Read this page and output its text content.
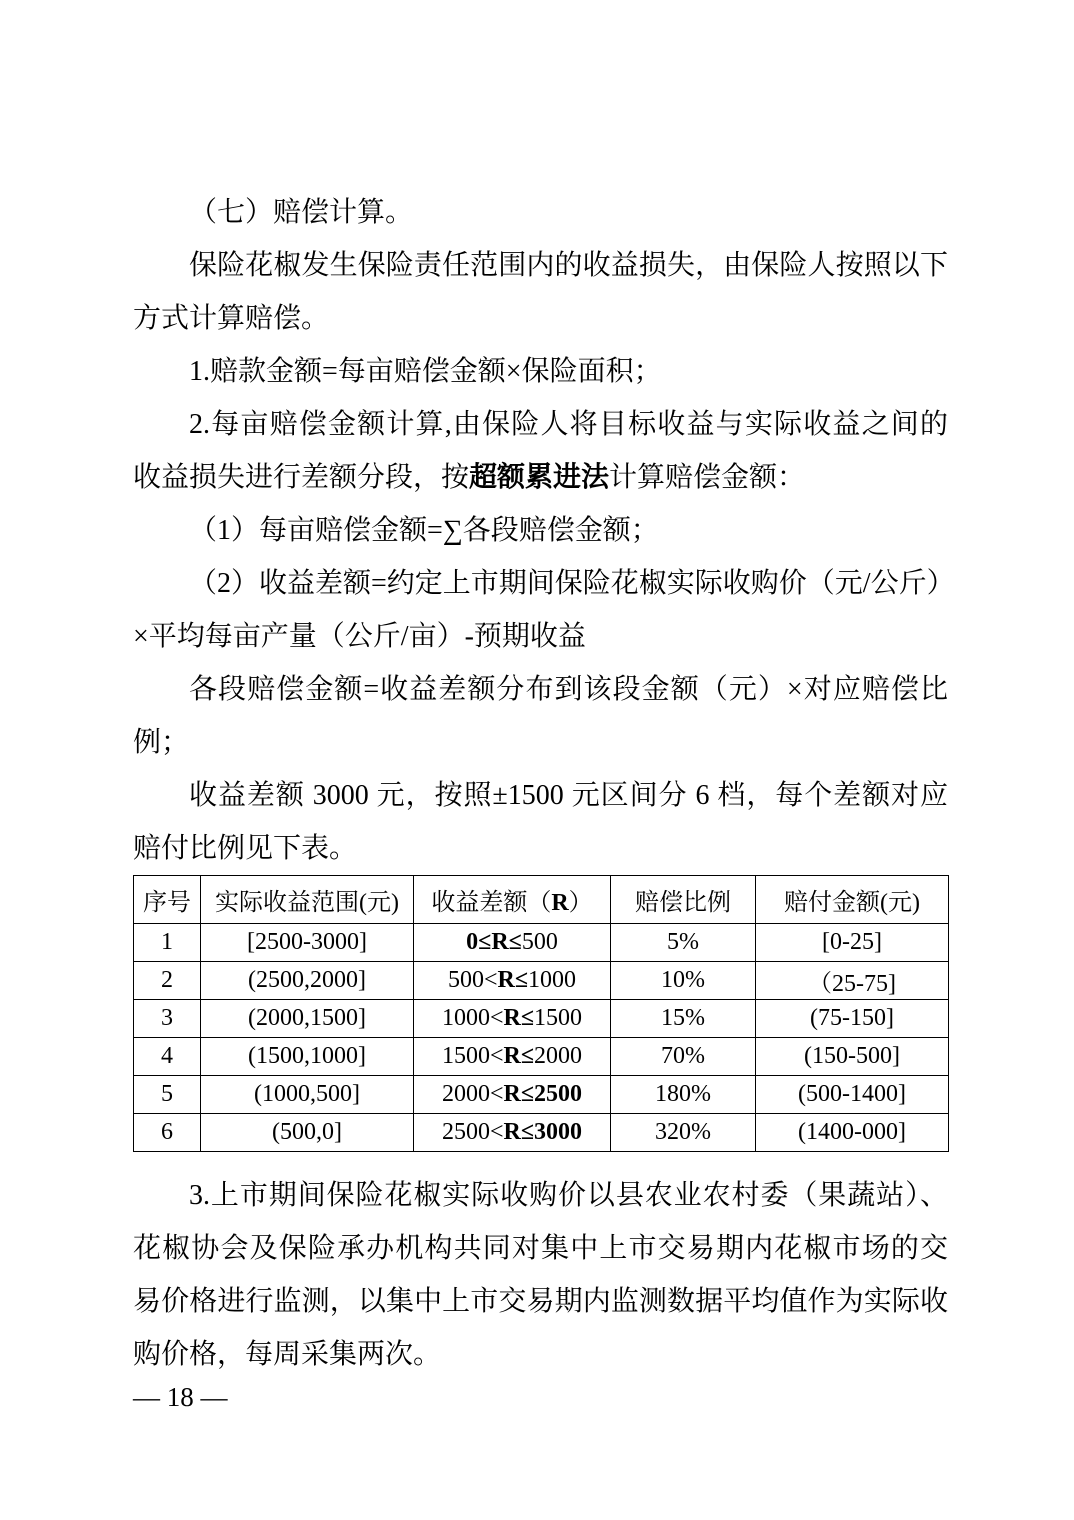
（七）赔偿计算。
保险花椒发生保险责任范围内的收益损失，由保险人按照以下
方式计算赔偿。
1.赔款金额=每亩赔偿金额×保险面积；
2.每亩赔偿金额计算,由保险人将目标收益与实际收益之间的
收益损失进行差额分段，按超额累进法计算赔偿金额：
（1）每亩赔偿金额=∑各段赔偿金额；
（2）收益差额=约定上市期间保险花椒实际收购价（元/公斤）
×平均每亩产量（公斤/亩）-预期收益
各段赔偿金额=收益差额分布到该段金额（元）×对应赔偿比
例；
收益差额 3000 元，按照±1500 元区间分 6 档，每个差额对应
赔付比例见下表。
序号	实际收益范围(元)	收益差额（R）	赔偿比例	赔付金额(元)
1	[2500-3000]	0≤R≤500	5%	[0-25]
2	(2500,2000]	500<R≤1000	10%	（25-75]
3	(2000,1500]	1000<R≤1500	15%	(75-150]
4	(1500,1000]	1500<R≤2000	70%	(150-500]
5	(1000,500]	2000<R≤2500	180%	(500-1400]
6	(500,0]	2500<R≤3000	320%	(1400-000]
3.上市期间保险花椒实际收购价以县农业农村委（果蔬站）、
花椒协会及保险承办机构共同对集中上市交易期内花椒市场的交
易价格进行监测，以集中上市交易期内监测数据平均值作为实际收
购价格，每周采集两次。
— 18 —
